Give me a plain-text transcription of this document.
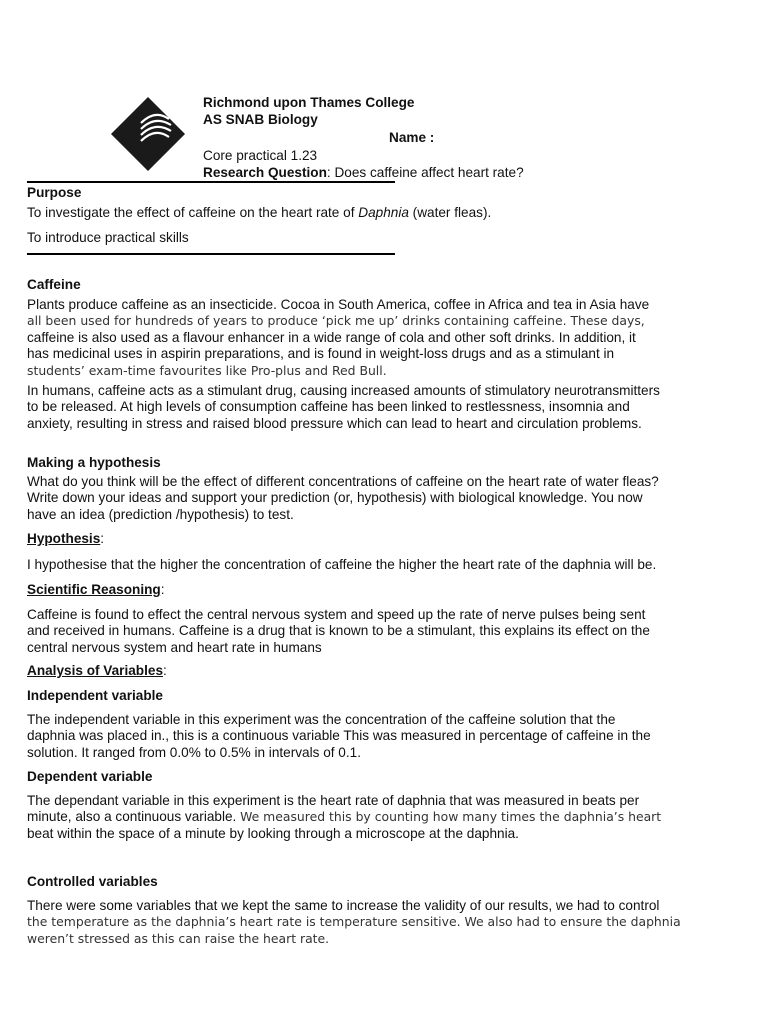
Richmond upon Thames College
AS SNAB Biology
Name :
Core practical 1.23
Research Question: Does caffeine affect heart rate?
Purpose
To investigate the effect of caffeine on the heart rate of Daphnia (water fleas).
To introduce practical skills
Caffeine
Plants produce caffeine as an insecticide. Cocoa in South America, coffee in Africa and tea in Asia have
all been used for hundreds of years to produce ‘pick me up’ drinks containing caffeine. These days,
caffeine is also used as a flavour enhancer in a wide range of cola and other soft drinks. In addition, it
has medicinal uses in aspirin preparations, and is found in weight-loss drugs and as a stimulant in
students’ exam-time favourites like Pro-plus and Red Bull.
In humans, caffeine acts as a stimulant drug, causing increased amounts of stimulatory neurotransmitters
to be released. At high levels of consumption caffeine has been linked to restlessness, insomnia and
anxiety, resulting in stress and raised blood pressure which can lead to heart and circulation problems.
Making a hypothesis
What do you think will be the effect of different concentrations of caffeine on the heart rate of water fleas?
Write down your ideas and support your prediction (or, hypothesis) with biological knowledge. You now
have an idea (prediction /hypothesis) to test.
Hypothesis:
I hypothesise that the higher the concentration of caffeine the higher the heart rate of the daphnia will be.
Scientific Reasoning:
Caffeine is found to effect the central nervous system and speed up the rate of nerve pulses being sent
and received in humans. Caffeine is a drug that is known to be a stimulant, this explains its effect on the
central nervous system and heart rate in humans
Analysis of Variables:
Independent variable
The independent variable in this experiment was the concentration of the caffeine solution that the
daphnia was placed in., this is a continuous variable This was measured in percentage of caffeine in the
solution. It ranged from 0.0% to 0.5% in intervals of 0.1.
Dependent variable
The dependant variable in this experiment is the heart rate of daphnia that was measured in beats per
minute, also a continuous variable. We measured this by counting how many times the daphnia’s heart
beat within the space of a minute by looking through a microscope at the daphnia.
Controlled variables
There were some variables that we kept the same to increase the validity of our results, we had to control
the temperature as the daphnia’s heart rate is temperature sensitive. We also had to ensure the daphnia
weren’t stressed as this can raise the heart rate.
